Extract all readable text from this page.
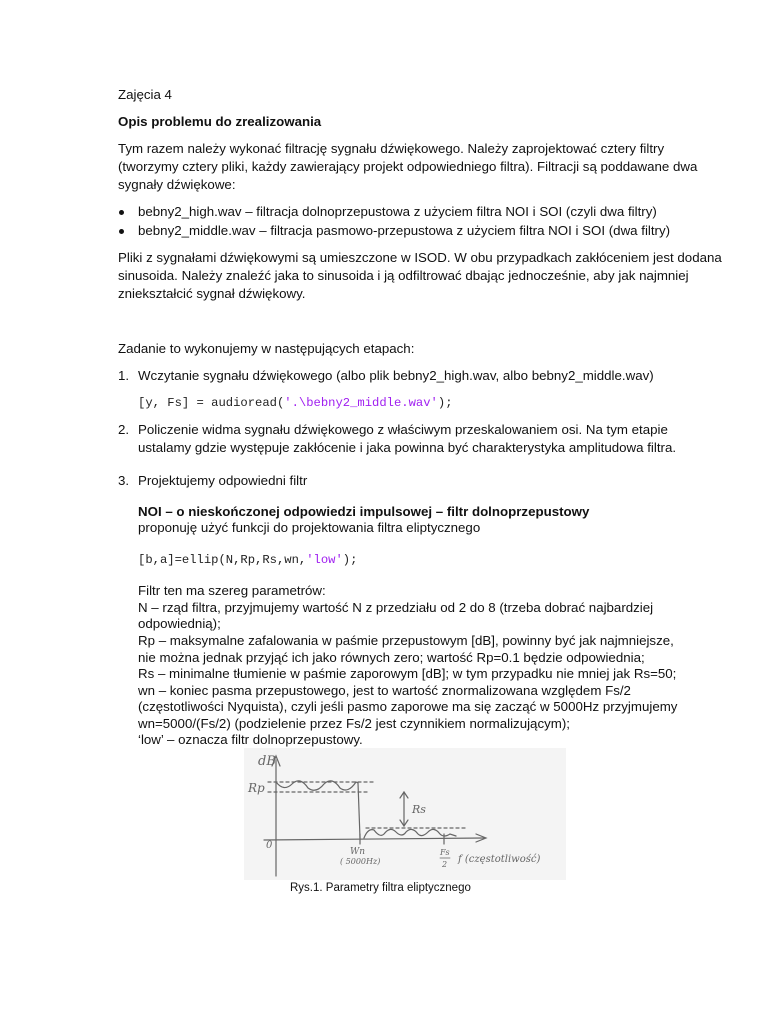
Zajęcia 4
Opis problemu do zrealizowania
Tym razem należy wykonać filtrację sygnału dźwiękowego. Należy zaprojektować cztery filtry
(tworzymy cztery pliki, każdy zawierający projekt odpowiedniego filtra). Filtracji są poddawane dwa
sygnały dźwiękowe:
bebny2_high.wav – filtracja dolnoprzepustowa z użyciem filtra NOI i SOI (czyli dwa filtry)
bebny2_middle.wav – filtracja pasmowo-przepustowa z użyciem filtra NOI i SOI (dwa filtry)
Pliki z sygnałami dźwiękowymi są umieszczone w ISOD. W obu przypadkach zakłóceniem jest dodana
sinusoida. Należy znaleźć jaka to sinusoida i ją odfiltrować dbając jednocześnie, aby jak najmniej
zniekształcić sygnał dźwiękowy.
Zadanie to wykonujemy w następujących etapach:
1. Wczytanie sygnału dźwiękowego (albo plik bebny2_high.wav, albo bebny2_middle.wav)
[y, Fs] = audioread('.\bebny2_middle.wav');
2. Policzenie widma sygnału dźwiękowego z właściwym przeskalowaniem osi. Na tym etapie
ustalamy gdzie występuje zakłócenie i jaka powinna być charakterystyka amplitudowa filtra.
3. Projektujemy odpowiedni filtr
NOI – o nieskończonej odpowiedzi impulsowej – filtr dolnoprzepustowy
proponuję użyć funkcji do projektowania filtra eliptycznego
[b,a]=ellip(N,Rp,Rs,wn,'low');
Filtr ten ma szereg parametrów:
N – rząd filtra, przyjmujemy wartość N z przedziału od 2 do 8 (trzeba dobrać najbardziej
odpowiednią);
Rp – maksymalne zafalowania w paśmie przepustowym [dB], powinny być jak najmniejsze,
nie można jednak przyjąć ich jako równych zero; wartość Rp=0.1 będzie odpowiednia;
Rs – minimalne tłumienie w paśmie zaporowym [dB]; w tym przypadku nie mniej jak Rs=50;
wn – koniec pasma przepustowego, jest to wartość znormalizowana względem Fs/2
(częstotliwości Nyquista), czyli jeśli pasmo zaporowe ma się zacząć w 5000Hz przyjmujemy
wn=5000/(Fs/2) (podzielenie przez Fs/2 jest czynnikiem normalizującym);
‘low’ – oznacza filtr dolnoprzepustowy.
dB
Rp
Rs
0
Wn
( 5000Hz)
Fs
2 f (częstotliwość)
Rys.1. Parametry filtra eliptycznego
